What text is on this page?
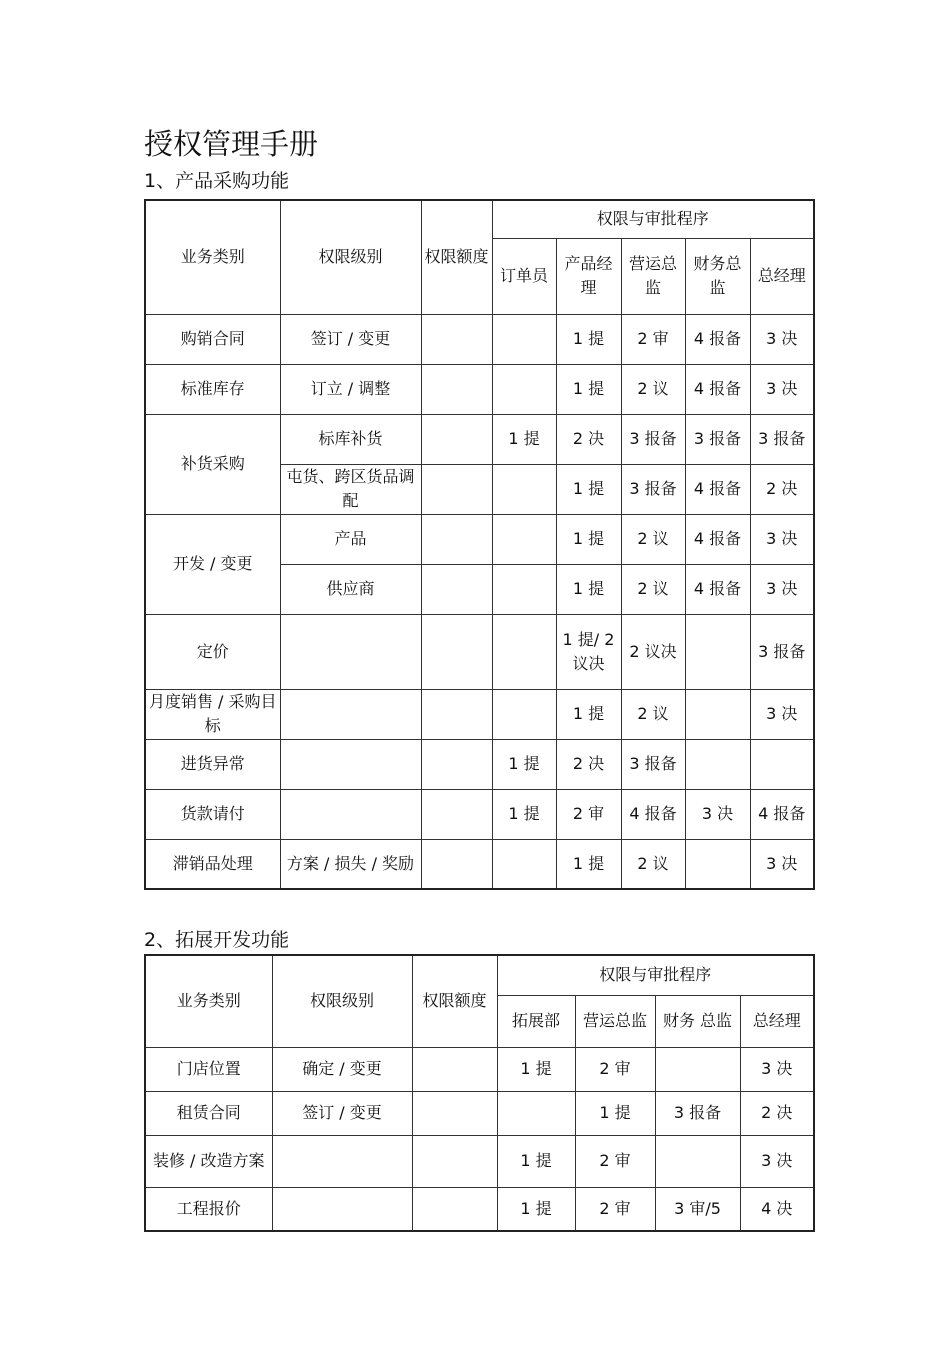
授权管理手册
1、产品采购功能
业务类别	权限级别	权限额度	权限与审批程序				
			订单员	产品经理	营运总监	财务总监	总经理
购销合同	签订 / 变更			1 提	2 审	4 报备	3 决
标准库存	订立 / 调整			1 提	2 议	4 报备	3 决
补货采购	标库补货		1 提	2 决	3 报备	3 报备	3 报备
	屯货、跨区货品调配			1 提	3 报备	4 报备	2 决
开发 / 变更	产品			1 提	2 议	4 报备	3 决
	供应商			1 提	2 议	4 报备	3 决
定价				1 提/ 2 议决	2 议决		3 报备
月度销售 / 采购目标				1 提	2 议		3 决
进货异常			1 提	2 决	3 报备		
货款请付			1 提	2 审	4 报备	3 决	4 报备
滞销品处理	方案 / 损失 / 奖励			1 提	2 议		3 决
2、拓展开发功能
业务类别	权限级别	权限额度	权限与审批程序			
			拓展部	营运总监	财务 总监	总经理
门店位置	确定 / 变更		1 提	2 审		3 决
租赁合同	签订 / 变更			1 提	3 报备	2 决
装修 / 改造方案			1 提	2 审		3 决
工程报价			1 提	2 审	3 审/5	4 决
